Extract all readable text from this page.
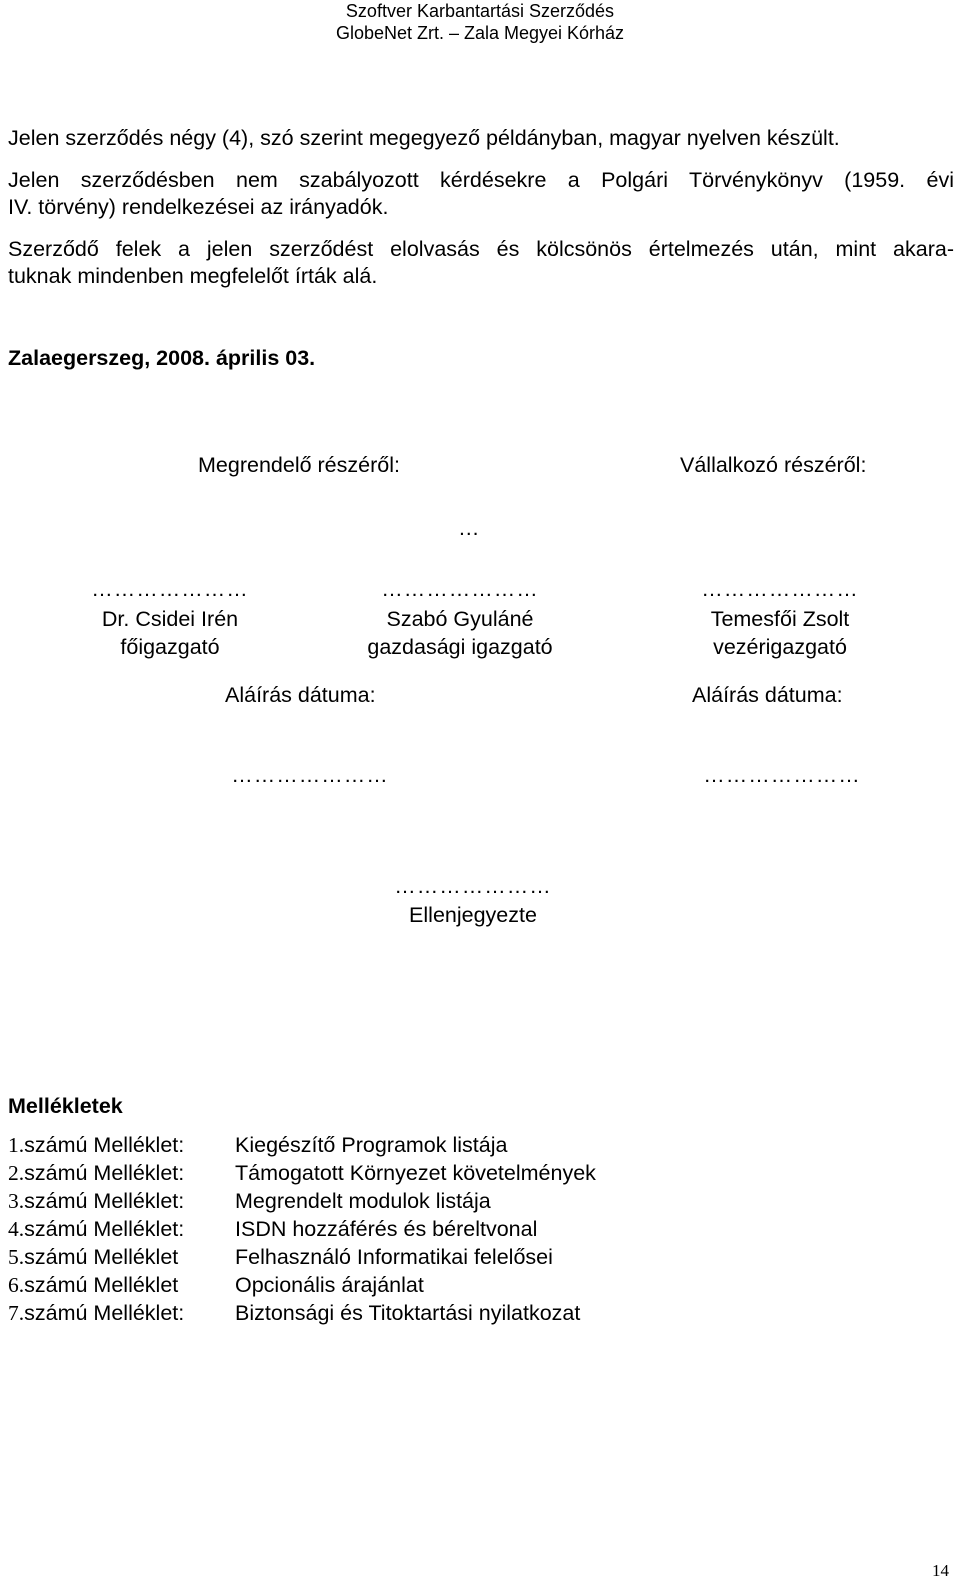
Szoftver Karbantartási Szerződés
GlobeNet Zrt. – Zala Megyei Kórház
Jelen szerződés négy (4), szó szerint megegyező példányban, magyar nyelven készült.
Jelen szerződésben nem szabályozott kérdésekre a Polgári Törvénykönyv (1959. évi
IV. törvény) rendelkezései az irányadók.
Szerződő felek a jelen szerződést elolvasás és kölcsönös értelmezés után, mint akara-
tuknak mindenben megfelelőt írták alá.
Zalaegerszeg, 2008. április 03.
Megrendelő részéről:	Vállalkozó részéről:
…
…………………	…………………	…………………
Dr. Csidei Irén
főigazgató
Szabó Gyuláné
gazdasági igazgató
Temesfői Zsolt
vezérigazgató
Aláírás dátuma:	Aláírás dátuma:
…………………	…………………
…………………
Ellenjegyezte
Mellékletek
1.számú Melléklet: Kiegészítő Programok listája
2.számú Melléklet: Támogatott Környezet követelmények
3.számú Melléklet: Megrendelt modulok listája
4.számú Melléklet: ISDN hozzáférés és béreltvonal
5.számú Melléklet	Felhasználó Informatikai felelősei
6.számú Melléklet	Opcionális árajánlat
7.számú Melléklet: Biztonsági és Titoktartási nyilatkozat
14
